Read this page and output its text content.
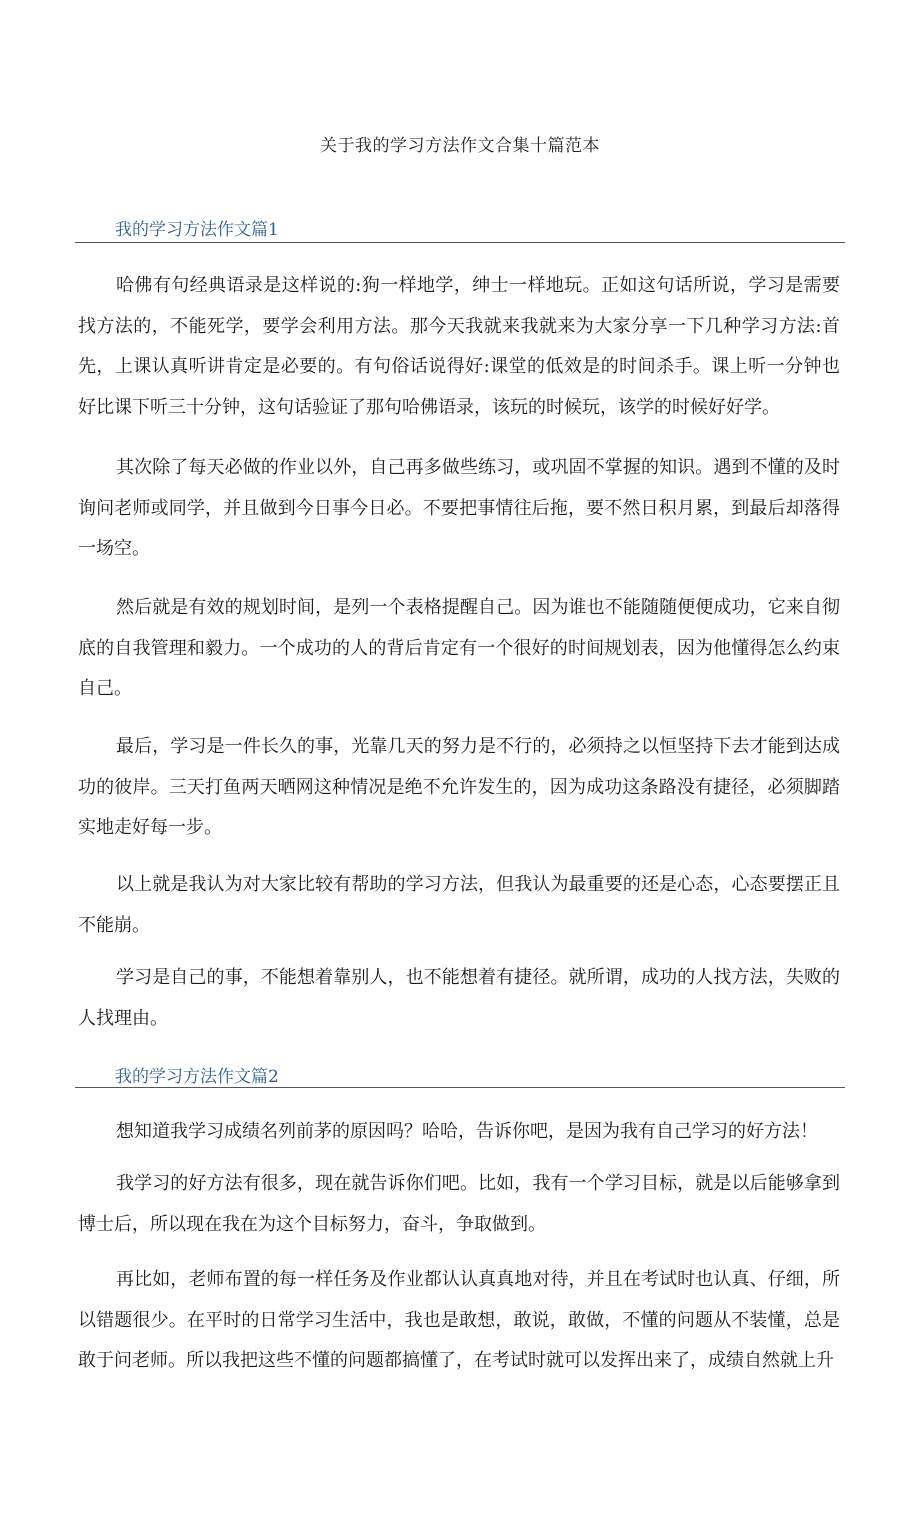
关于我的学习方法作文合集十篇范本
我的学习方法作文篇1

哈佛有句经典语录是这样说的:狗一样地学，绅士一样地玩。正如这句话所说，学习是需要找方法的，不能死学，要学会利用方法。那今天我就来我就来为大家分享一下几种学习方法:首先，上课认真听讲肯定是必要的。有句俗话说得好:课堂的低效是的时间杀手。课上听一分钟也好比课下听三十分钟，这句话验证了那句哈佛语录，该玩的时候玩，该学的时候好好学。

其次除了每天必做的作业以外，自己再多做些练习，或巩固不掌握的知识。遇到不懂的及时询问老师或同学，并且做到今日事今日必。不要把事情往后拖，要不然日积月累，到最后却落得一场空。

然后就是有效的规划时间，是列一个表格提醒自己。因为谁也不能随随便便成功，它来自彻底的自我管理和毅力。一个成功的人的背后肯定有一个很好的时间规划表，因为他懂得怎么约束自己。

最后，学习是一件长久的事，光靠几天的努力是不行的，必须持之以恒坚持下去才能到达成功的彼岸。三天打鱼两天晒网这种情况是绝不允许发生的，因为成功这条路没有捷径，必须脚踏实地走好每一步。

以上就是我认为对大家比较有帮助的学习方法，但我认为最重要的还是心态，心态要摆正且不能崩。

学习是自己的事，不能想着靠别人，也不能想着有捷径。就所谓，成功的人找方法，失败的人找理由。

我的学习方法作文篇2

想知道我学习成绩名列前茅的原因吗？哈哈，告诉你吧，是因为我有自己学习的好方法！

我学习的好方法有很多，现在就告诉你们吧。比如，我有一个学习目标，就是以后能够拿到博士后，所以现在我在为这个目标努力，奋斗，争取做到。

再比如，老师布置的每一样任务及作业都认认真真地对待，并且在考试时也认真、仔细，所以错题很少。在平时的日常学习生活中，我也是敢想，敢说，敢做，不懂的问题从不装懂，总是敢于问老师。所以我把这些不懂的问题都搞懂了，在考试时就可以发挥出来了，成绩自然就上升
